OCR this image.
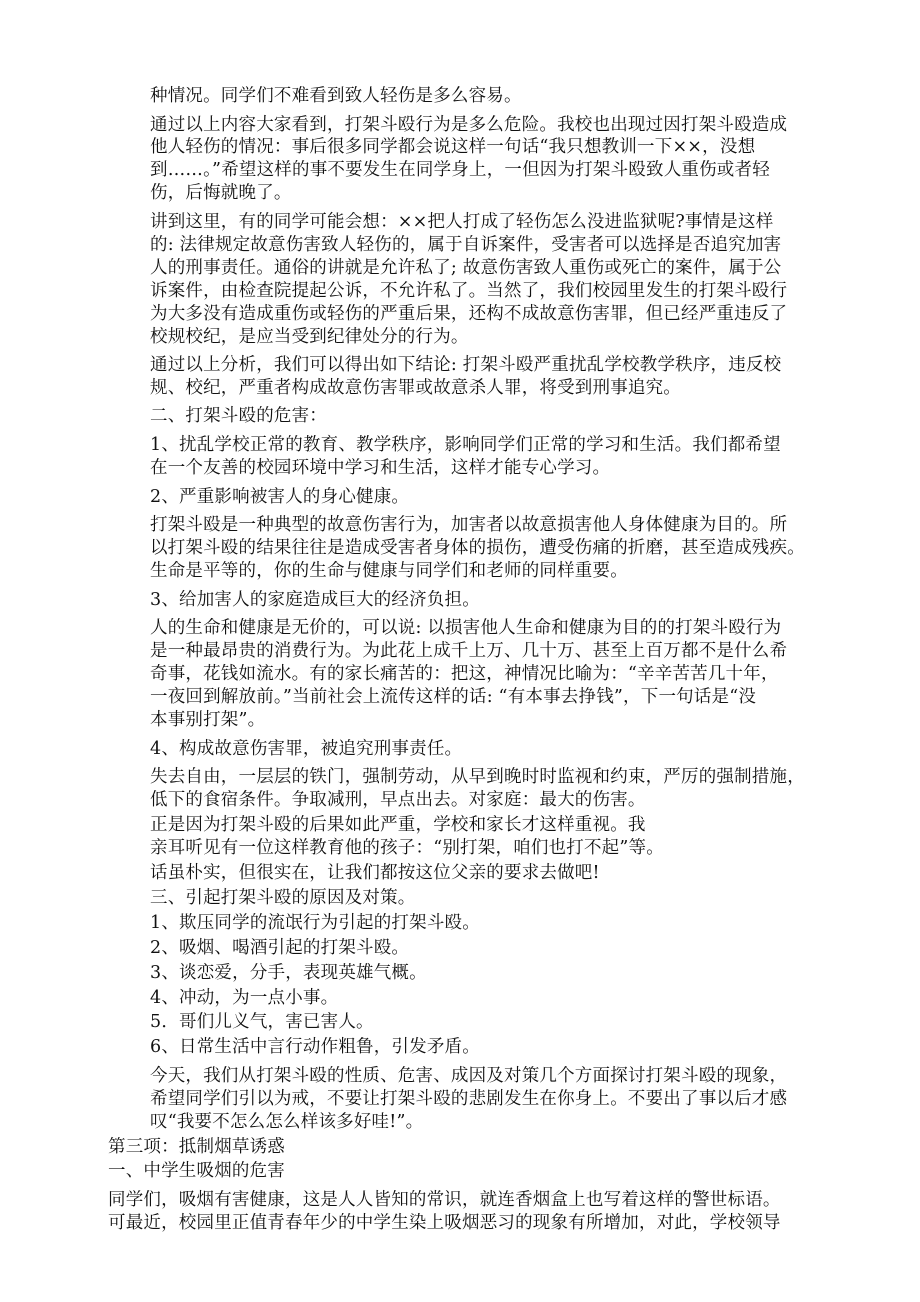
种情况。同学们不难看到致人轻伤是多么容易。
通过以上内容大家看到，打架斗殴行为是多么危险。我校也出现过因打架斗殴造成
他人轻伤的情况：事后很多同学都会说这样一句话“我只想教训一下××，没想
到……。”希望这样的事不要发生在同学身上，一但因为打架斗殴致人重伤或者轻
伤，后悔就晚了。
讲到这里，有的同学可能会想：××把人打成了轻伤怎么没进监狱呢?事情是这样
的: 法律规定故意伤害致人轻伤的，属于自诉案件，受害者可以选择是否追究加害
人的刑事责任。通俗的讲就是允许私了; 故意伤害致人重伤或死亡的案件，属于公
诉案件，由检查院提起公诉，不允许私了。当然了，我们校园里发生的打架斗殴行
为大多没有造成重伤或轻伤的严重后果，还构不成故意伤害罪，但已经严重违反了
校规校纪，是应当受到纪律处分的行为。
通过以上分析，我们可以得出如下结论: 打架斗殴严重扰乱学校教学秩序，违反校
规、校纪，严重者构成故意伤害罪或故意杀人罪，将受到刑事追究。
二、打架斗殴的危害：
1、扰乱学校正常的教育、教学秩序，影响同学们正常的学习和生活。我们都希望
在一个友善的校园环境中学习和生活，这样才能专心学习。
2、严重影响被害人的身心健康。
打架斗殴是一种典型的故意伤害行为，加害者以故意损害他人身体健康为目的。所
以打架斗殴的结果往往是造成受害者身体的损伤，遭受伤痛的折磨，甚至造成残疾。
生命是平等的，你的生命与健康与同学们和老师的同样重要。
3、给加害人的家庭造成巨大的经济负担。
人的生命和健康是无价的，可以说: 以损害他人生命和健康为目的的打架斗殴行为
是一种最昂贵的消费行为。为此花上成千上万、几十万、甚至上百万都不是什么希
奇事，花钱如流水。有的家长痛苦的：把这，神情况比喻为：“辛辛苦苦几十年，
一夜回到解放前。”当前社会上流传这样的话: “有本事去挣钱”，下一句话是“没
本事别打架”。
4、构成故意伤害罪，被追究刑事责任。
失去自由，一层层的铁门，强制劳动，从早到晚时时监视和约束，严厉的强制措施，
低下的食宿条件。争取减刑，早点出去。对家庭：最大的伤害。
正是因为打架斗殴的后果如此严重，学校和家长才这样重视。我
亲耳听见有一位这样教育他的孩子：“别打架，咱们也打不起”等。
话虽朴实，但很实在，让我们都按这位父亲的要求去做吧!
三、引起打架斗殴的原因及对策。
1、欺压同学的流氓行为引起的打架斗殴。
2、吸烟、喝酒引起的打架斗殴。
3、谈恋爱，分手，表现英雄气概。
4、冲动，为一点小事。
5．哥们儿义气，害已害人。
6、日常生活中言行动作粗鲁，引发矛盾。
今天，我们从打架斗殴的性质、危害、成因及对策几个方面探讨打架斗殴的现象，
希望同学们引以为戒，不要让打架斗殴的悲剧发生在你身上。不要出了事以后才感
叹“我要不怎么怎么样该多好哇!”。
第三项：抵制烟草诱惑
一、中学生吸烟的危害
同学们，吸烟有害健康，这是人人皆知的常识，就连香烟盒上也写着这样的警世标语。
可最近，校园里正值青春年少的中学生染上吸烟恶习的现象有所增加，对此，学校领导
